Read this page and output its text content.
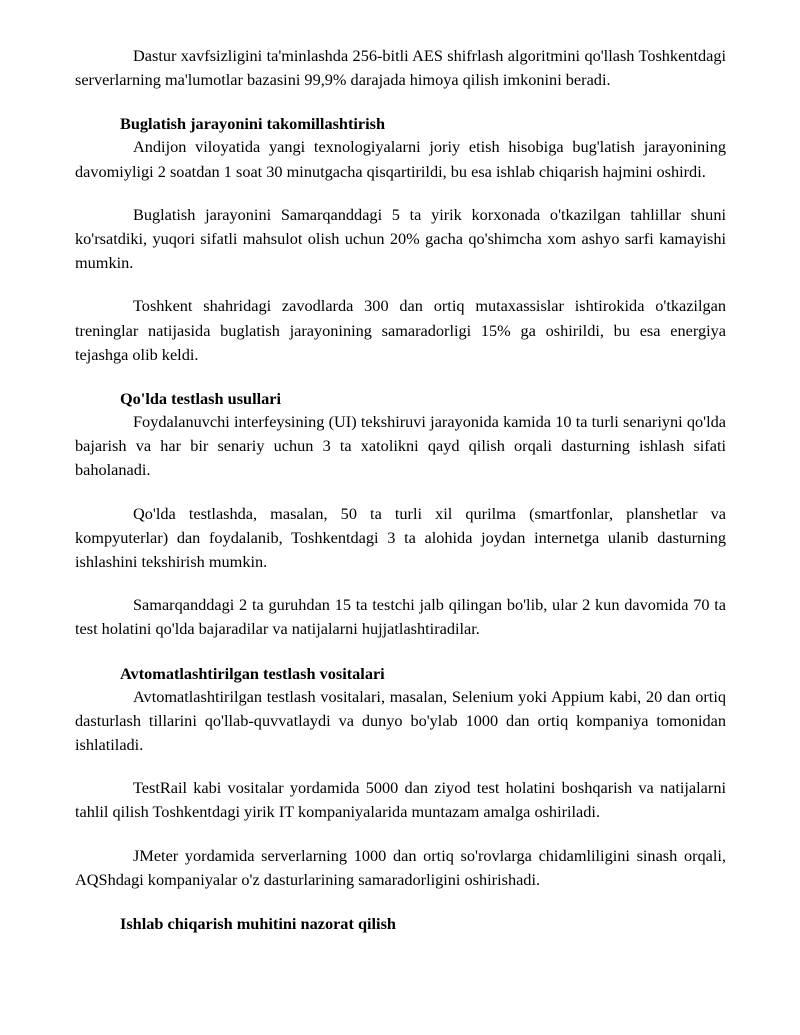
Dastur xavfsizligini ta'minlashda 256-bitli AES shifrlash algoritmini qo'llash Toshkentdagi serverlarning ma'lumotlar bazasini 99,9% darajada himoya qilish imkonini beradi.

Buglatish jarayonini takomillashtirish

Andijon viloyatida yangi texnologiyalarni joriy etish hisobiga bug'latish jarayonining davomiyligi 2 soatdan 1 soat 30 minutgacha qisqartirildi, bu esa ishlab chiqarish hajmini oshirdi.

Buglatish jarayonini Samarqanddagi 5 ta yirik korxonada o'tkazilgan tahlillar shuni ko'rsatdiki, yuqori sifatli mahsulot olish uchun 20% gacha qo'shimcha xom ashyo sarfi kamayishi mumkin.

Toshkent shahridagi zavodlarda 300 dan ortiq mutaxassislar ishtirokida o'tkazilgan treninglar natijasida buglatish jarayonining samaradorligi 15% ga oshirildi, bu esa energiya tejashga olib keldi.

Qo'lda testlash usullari

Foydalanuvchi interfeysining (UI) tekshiruvi jarayonida kamida 10 ta turli senariyni qo'lda bajarish va har bir senariy uchun 3 ta xatolikni qayd qilish orqali dasturning ishlash sifati baholanadi.

Qo'lda testlashda, masalan, 50 ta turli xil qurilma (smartfonlar, planshetlar va kompyuterlar) dan foydalanib, Toshkentdagi 3 ta alohida joydan internetga ulanib dasturning ishlashini tekshirish mumkin.

Samarqanddagi 2 ta guruhdan 15 ta testchi jalb qilingan bo'lib, ular 2 kun davomida 70 ta test holatini qo'lda bajaradilar va natijalarni hujjatlashtiradilar.

Avtomatlashtirilgan testlash vositalari

Avtomatlashtirilgan testlash vositalari, masalan, Selenium yoki Appium kabi, 20 dan ortiq dasturlash tillarini qo'llab-quvvatlaydi va dunyo bo'ylab 1000 dan ortiq kompaniya tomonidan ishlatiladi.

TestRail kabi vositalar yordamida 5000 dan ziyod test holatini boshqarish va natijalarni tahlil qilish Toshkentdagi yirik IT kompaniyalarida muntazam amalga oshiriladi.

JMeter yordamida serverlarning 1000 dan ortiq so'rovlarga chidamliligini sinash orqali, AQShdagi kompaniyalar o'z dasturlarining samaradorligini oshirishadi.

Ishlab chiqarish muhitini nazorat qilish
